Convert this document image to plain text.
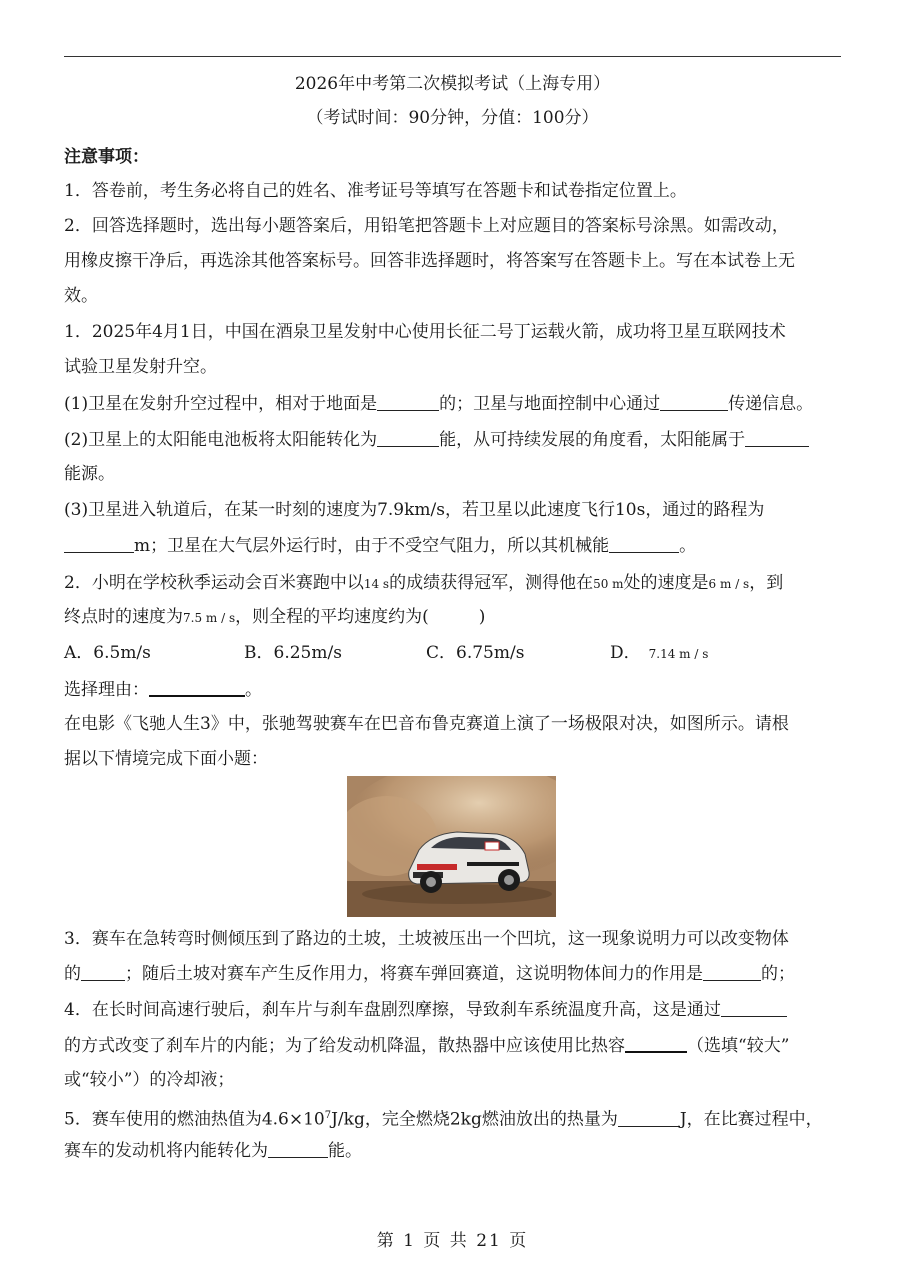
2026年中考第二次模拟考试（上海专用）
（考试时间：90分钟，分值：100分）
注意事项：
1．答卷前，考生务必将自己的姓名、准考证号等填写在答题卡和试卷指定位置上。
2．回答选择题时，选出每小题答案后，用铅笔把答题卡上对应题目的答案标号涂黑。如需改动，
用橡皮擦干净后，再选涂其他答案标号。回答非选择题时，将答案写在答题卡上。写在本试卷上无
效。
1．2025年4月1日，中国在酒泉卫星发射中心使用长征二号丁运载火箭，成功将卫星互联网技术
试验卫星发射升空。
(1)卫星在发射升空过程中，相对于地面是	的；卫星与地面控制中心通过	传递信息。
(2)卫星上的太阳能电池板将太阳能转化为	能，从可持续发展的角度看，太阳能属于
能源。
(3)卫星进入轨道后，在某一时刻的速度为7.9km/s，若卫星以此速度飞行10s，通过的路程为
m；卫星在大气层外运行时，由于不受空气阻力，所以其机械能	。
2．小明在学校秋季运动会百米赛跑中以14 s的成绩获得冠军，测得他在50 m处的速度是6 m / s，到
终点时的速度为7.5 m / s，则全程的平均速度约为(	)
A．6.5m/s	B．6.25m/s	C．6.75m/s	D． 7.14 m / s
选择理由：	。
在电影《飞驰人生3》中，张驰驾驶赛车在巴音布鲁克赛道上演了一场极限对决，如图所示。请根
据以下情境完成下面小题：
3．赛车在急转弯时侧倾压到了路边的土坡，土坡被压出一个凹坑，这一现象说明力可以改变物体
的	；随后土坡对赛车产生反作用力，将赛车弹回赛道，这说明物体间力的作用是	的；
4．在长时间高速行驶后，刹车片与刹车盘剧烈摩擦，导致刹车系统温度升高，这是通过
的方式改变了刹车片的内能；为了给发动机降温，散热器中应该使用比热容	（选填“较大”
或“较小”）的冷却液；
5．赛车使用的燃油热值为$4.6\times 10^7J/kg$，完全燃烧2kg燃油放出的热量为	J，在比赛过程中，
赛车的发动机将内能转化为	能。
第 1 页 共 21 页
